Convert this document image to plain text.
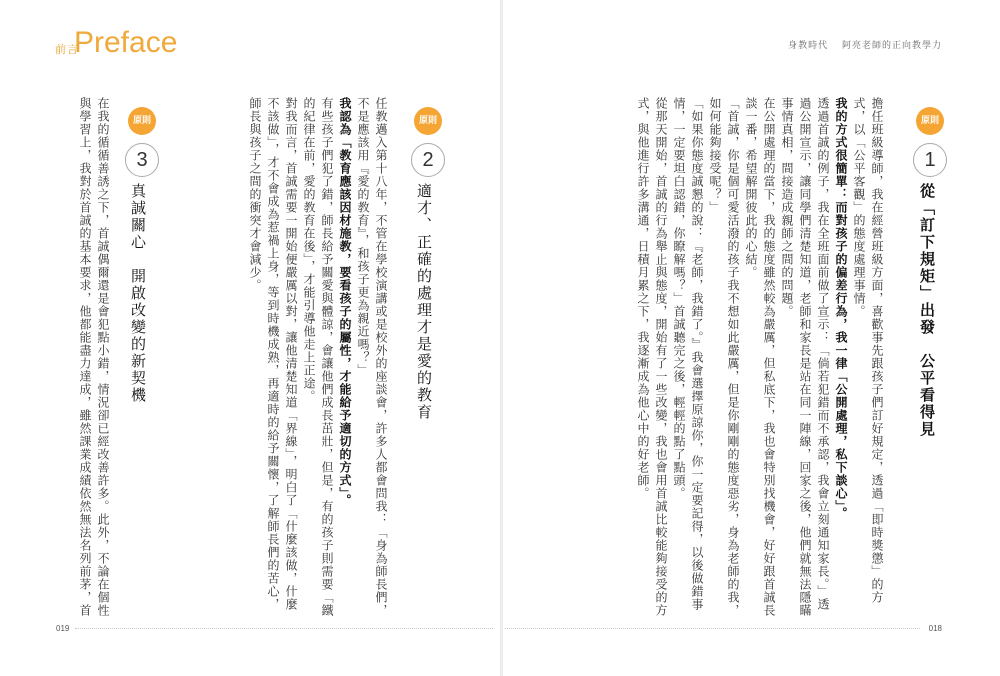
前言
Preface	身教時代 阿亮老師的正向教學力
原則
1
從「訂下規矩」出發　公平看得見

擔任班級導師，我在經營班級方面，喜歡事先跟孩子們訂好規定，透過「即時獎懲」的方式，以「公平客觀」的態度處理事情。

我的方式很簡單：而對孩子的偏差行為，我一律「公開處理，私下談心」。

透過首誠的例子，我在全班面前做了宣示：「倘若犯錯而不承認，我會立刻通知家長。」透過公開宣示，讓同學們清楚知道，老師和家長是站在同一陣線，回家之後，他們就無法隱瞞事情真相，間接造成親師之間的問題。

在公開處理的當下，我的態度雖然較為嚴厲，但私底下，我也會特別找機會，好好跟首誠長談一番，希望解開彼此的心結。

「首誠，你是個可愛活潑的孩子我不想如此嚴厲，但是你剛剛的態度惡劣，身為老師的我，如何能夠接受呢？」

「如果你態度誠懇的說：『老師，我錯了。』我會選擇原諒你，你一定要記得，以後做錯事情，一定要坦白認錯，你瞭解嗎？」首誠聽完之後，輕輕的點了點頭。

從那天開始，首誠的行為舉止與態度，開始有了一些改變，我也會用首誠比較能夠接受的方式，與他進行許多溝通，日積月累之下，我逐漸成為他心中的好老師。

原則
2
適才、正確的處理才是愛的教育

任教邁入第十八年，不管在學校演講或是校外的座談會，許多人都會問我：「身為師長們，不是應該用『愛的教育』，和孩子更為親近嗎？」

我認為「教育應該因材施教，要看孩子的屬性，才能給予適切的方式」。

有些孩子們犯了錯，師長給予關愛與體諒，會讓他們成長茁壯，但是，有的孩子則需要「鐵的紀律在前，愛的教育在後」，才能引導他走上正途。

對我而言，首誠需要一開始便嚴厲以對，讓他清楚知道「界線」，明白了「什麼該做，什麼不該做」，才不會成為惹禍上身，等到時機成熟，再適時的給予關懷，了解師長們的苦心，師長與孩子之間的衝突才會減少。

原則
3
真誠關心　開啟改變的新契機

在我的循循善誘之下，首誠偶爾還是會犯點小錯，情況卻已經改善許多。此外，不論在個性與學習上，我對於首誠的基本要求，他都能盡力達成，雖然課業成績依然無法名列前茅，首

019	018
